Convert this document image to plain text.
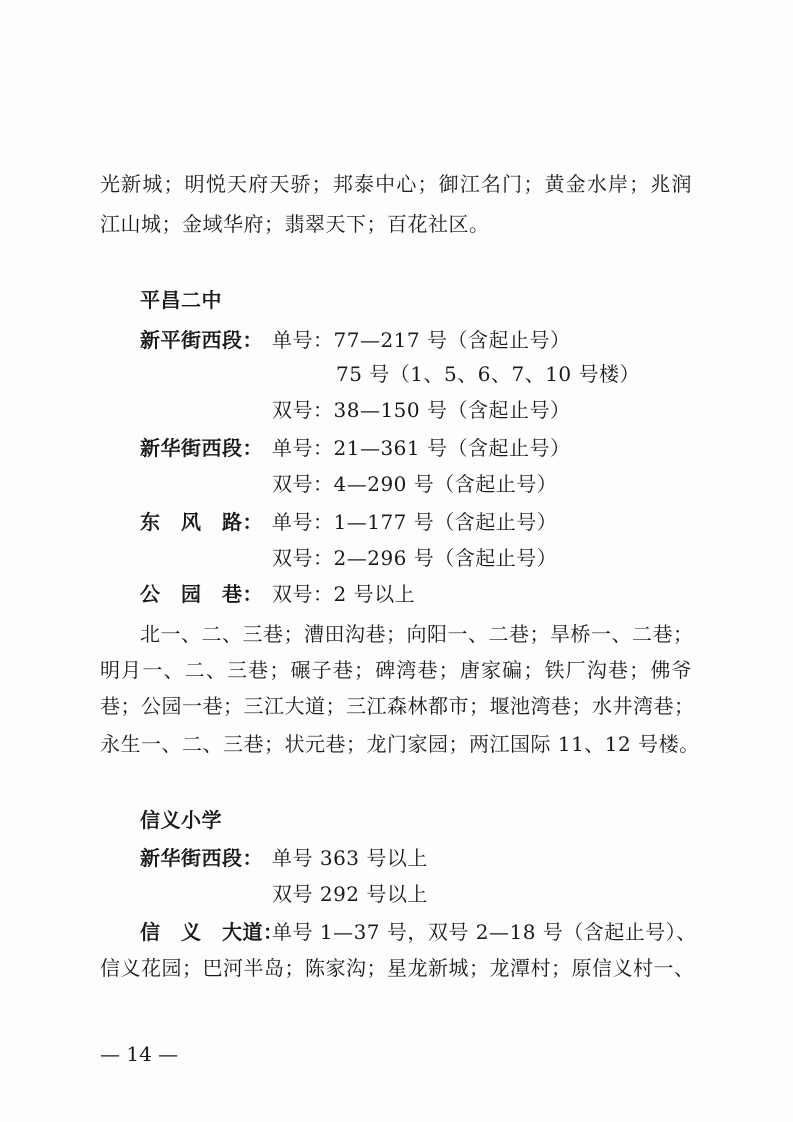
光新城；明悦天府天骄；邦泰中心；御江名门；黄金水岸；兆润
江山城；金域华府；翡翠天下；百花社区。
平昌二中
新平街西段： 单号：77—217 号（含起止号）
75 号（1、5、6、7、10 号楼）
双号：38—150 号（含起止号）
新华街西段： 单号：21—361 号（含起止号）
双号：4—290 号（含起止号）
东　风　路： 单号：1—177 号（含起止号）
双号：2—296 号（含起止号）
公　园　巷： 双号：2 号以上
北一、二、三巷；漕田沟巷；向阳一、二巷；旱桥一、二巷；
明月一、二、三巷；碾子巷；碑湾巷；唐家碥；铁厂沟巷；佛爷
巷；公园一巷；三江大道；三江森林都市；堰池湾巷；水井湾巷；
永生一、二、三巷；状元巷；龙门家园；两江国际 11、12 号楼。
信义小学
新华街西段： 单号 363 号以上
双号 292 号以上
信　义　大道：
单号 1—37 号，双号 2—18 号（含起止号）、
信义花园；巴河半岛；陈家沟；星龙新城；龙潭村；原信义村一、
— 14 —
